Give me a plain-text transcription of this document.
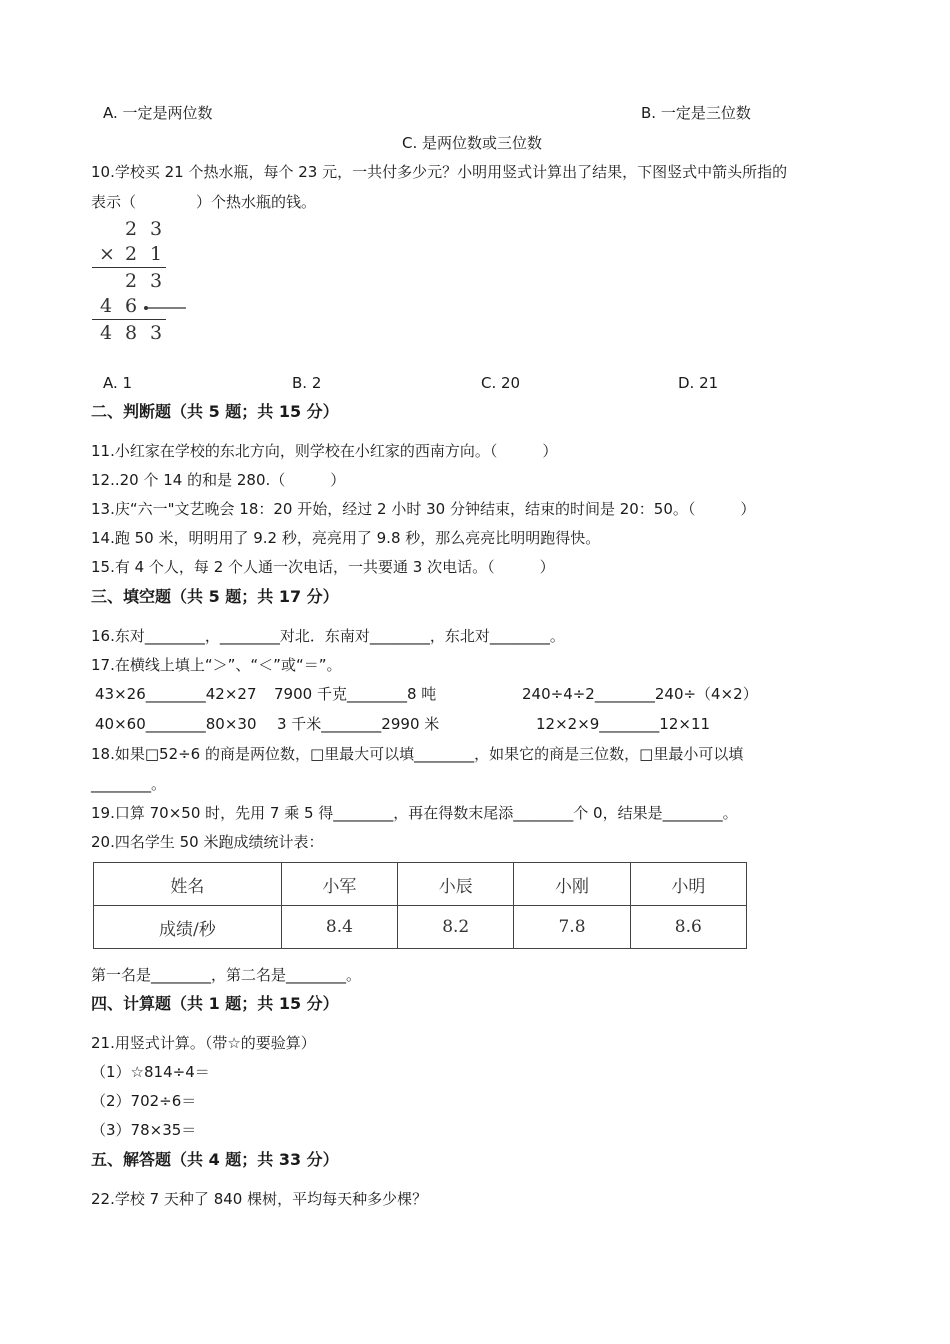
A. 一定是两位数	B. 一定是三位数
C. 是两位数或三位数
10.学校买 21 个热水瓶，每个 23 元，一共付多少元？小明用竖式计算出了结果，下图竖式中箭头所指的
表示（　　　　）个热水瓶的钱。
2 3
× 2 1
2 3
4 6
4 8 3
A. 1	B. 2	C. 20	D. 21
二、判断题（共 5 题；共 15 分）
11.小红家在学校的东北方向，则学校在小红家的西南方向。（　　　）
12..20 个 14 的和是 280.（　　　）
13.庆“六一"文艺晚会 18：20 开始，经过 2 小时 30 分钟结束，结束的时间是 20：50。（　　　）
14.跑 50 米，明明用了 9.2 秒，亮亮用了 9.8 秒，那么亮亮比明明跑得快。
15.有 4 个人，每 2 个人通一次电话，一共要通 3 次电话。（　　　）
三、填空题（共 5 题；共 17 分）
16.东对________，________对北．东南对________，东北对________。
17.在横线上填上“＞”、“＜”或“＝”。
43×26________42×27 7900 千克________8 吨	240÷4÷2________240÷（4×2）
40×60________80×30 3 千米________2990 米	12×2×9________12×11
18.如果□52÷6 的商是两位数，□里最大可以填________，如果它的商是三位数，□里最小可以填
________。
19.口算 70×50 时，先用 7 乘 5 得________，再在得数末尾添________个 0，结果是________。
20.四名学生 50 米跑成绩统计表：
姓名	小军	小辰	小刚	小明
成绩/秒	8.4	8.2	7.8	8.6
第一名是________，第二名是________。
四、计算题（共 1 题；共 15 分）
21.用竖式计算。（带☆的要验算）
（1）☆814÷4＝
（2）702÷6＝
（3）78×35＝
五、解答题（共 4 题；共 33 分）
22.学校 7 天种了 840 棵树，平均每天种多少棵？
